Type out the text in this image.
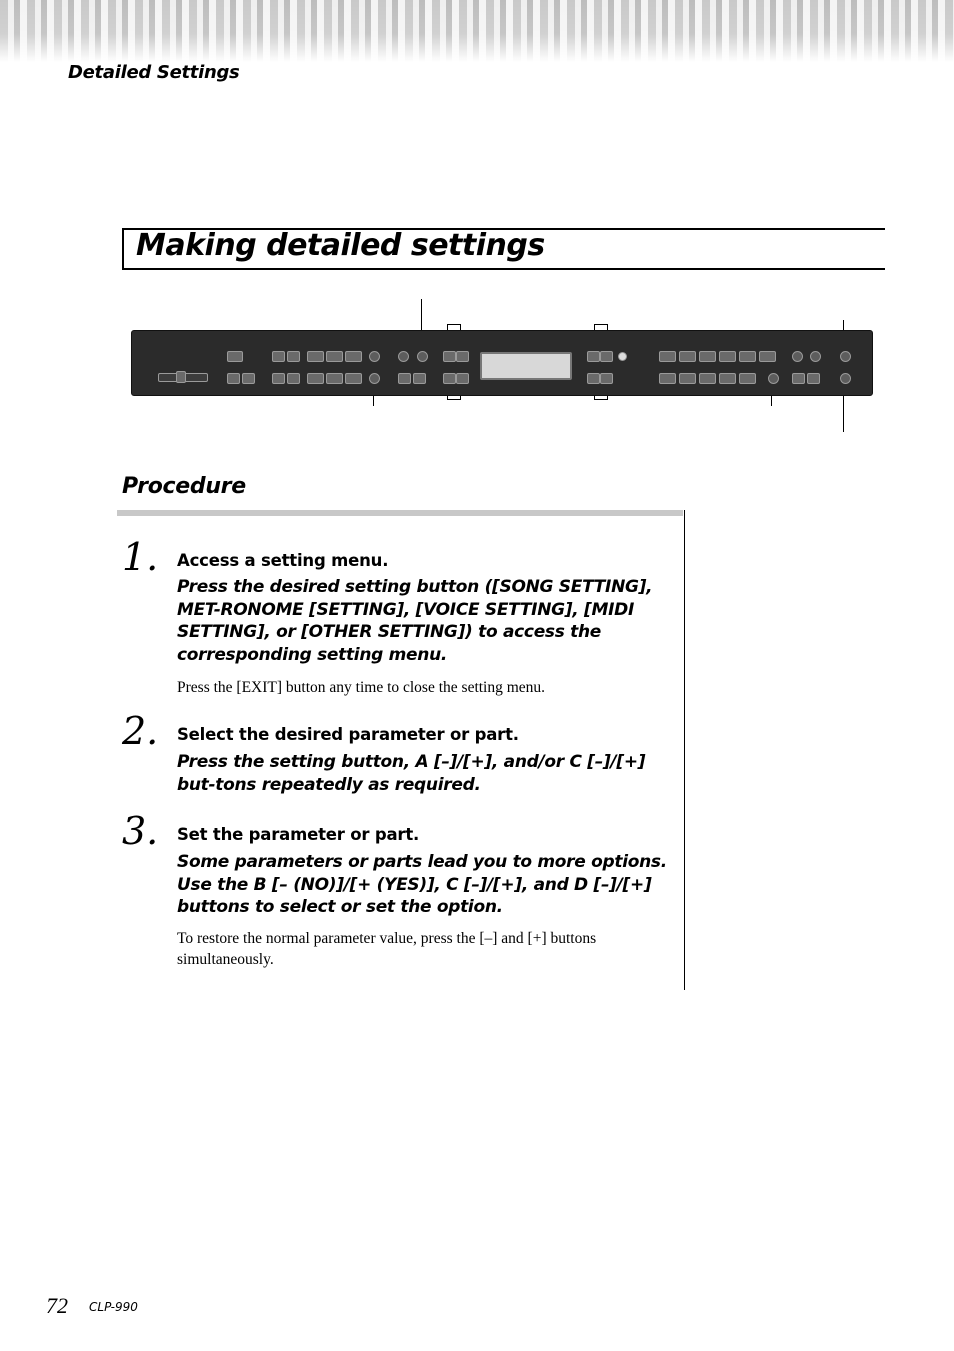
Detailed Settings
Making detailed settings
Procedure
1. Access a setting menu.
Press the desired setting button ([SONG SETTING], MET-RONOME [SETTING], [VOICE SETTING], [MIDI SETTING], or [OTHER SETTING]) to access the corresponding setting menu.
Press the [EXIT] button any time to close the setting menu.
2. Select the desired parameter or part.
Press the setting button, A [–]/[+], and/or C [–]/[+] but-tons repeatedly as required.
3. Set the parameter or part.
Some parameters or parts lead you to more options. Use the B [– (NO)]/[+ (YES)], C [–]/[+], and D [–]/[+] buttons to select or set the option.
To restore the normal parameter value, press the [–] and [+] buttons simultaneously.
72 CLP-990
